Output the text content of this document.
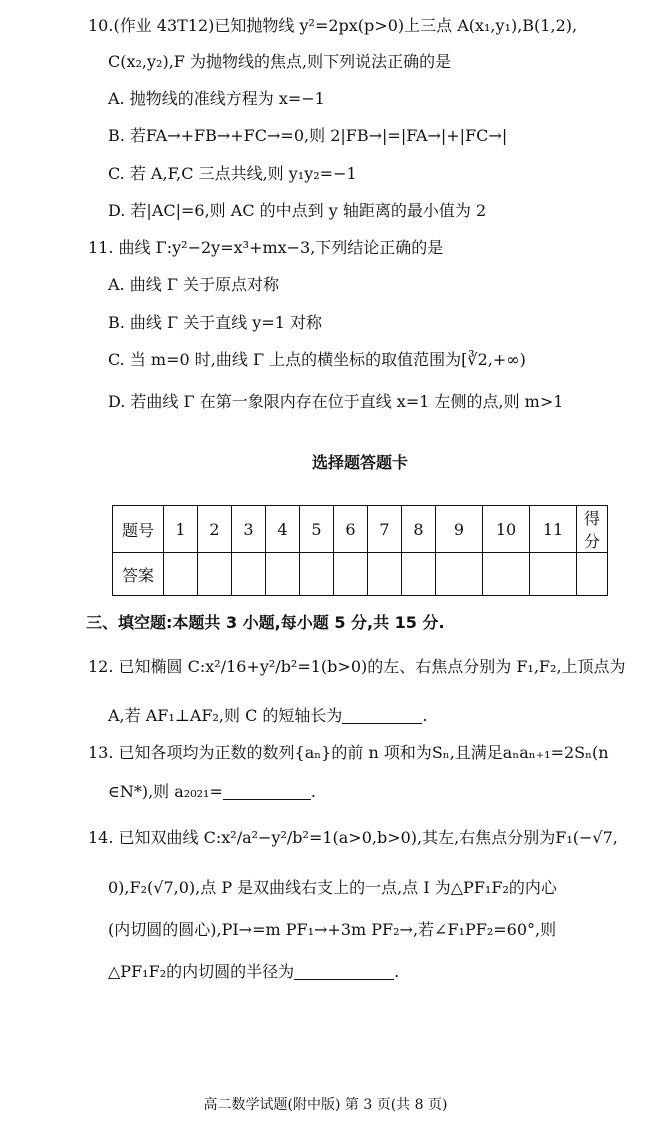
10.(作业 43T12)已知抛物线 y²=2px(p>0)上三点 A(x₁,y₁),B(1,2),
C(x₂,y₂),F 为抛物线的焦点,则下列说法正确的是
A. 抛物线的准线方程为 x=−1
B. 若FA→+FB→+FC→=0,则 2|FB→|=|FA→|+|FC→|
C. 若 A,F,C 三点共线,则 y₁y₂=−1
D. 若|AC|=6,则 AC 的中点到 y 轴距离的最小值为 2
11. 曲线 Γ:y²−2y=x³+mx−3,下列结论正确的是
A. 曲线 Γ 关于原点对称
B. 曲线 Γ 关于直线 y=1 对称
C. 当 m=0 时,曲线 Γ 上点的横坐标的取值范围为[∛2,+∞)
D. 若曲线 Γ 在第一象限内存在位于直线 x=1 左侧的点,则 m>1
选择题答题卡
题号	1	2	3	4	5	6	7	8	9	10	11	得分
答案												
三、填空题:本题共 3 小题,每小题 5 分,共 15 分.
12. 已知椭圆 C:x²/16+y²/b²=1(b>0)的左、右焦点分别为 F₁,F₂,上顶点为
A,若 AF₁⊥AF₂,则 C 的短轴长为	.
13. 已知各项均为正数的数列{aₙ}的前 n 项和为Sₙ,且满足aₙaₙ₊₁=2Sₙ(n
∈N*),则 a₂₀₂₁=	.
14. 已知双曲线 C:x²/a²−y²/b²=1(a>0,b>0),其左,右焦点分别为F₁(−√7,
0),F₂(√7,0),点 P 是双曲线右支上的一点,点 I 为△PF₁F₂的内心
(内切圆的圆心),PI→=m PF₁→+3m PF₂→,若∠F₁PF₂=60°,则
△PF₁F₂的内切圆的半径为	.
高二数学试题(附中版) 第 3 页(共 8 页)
